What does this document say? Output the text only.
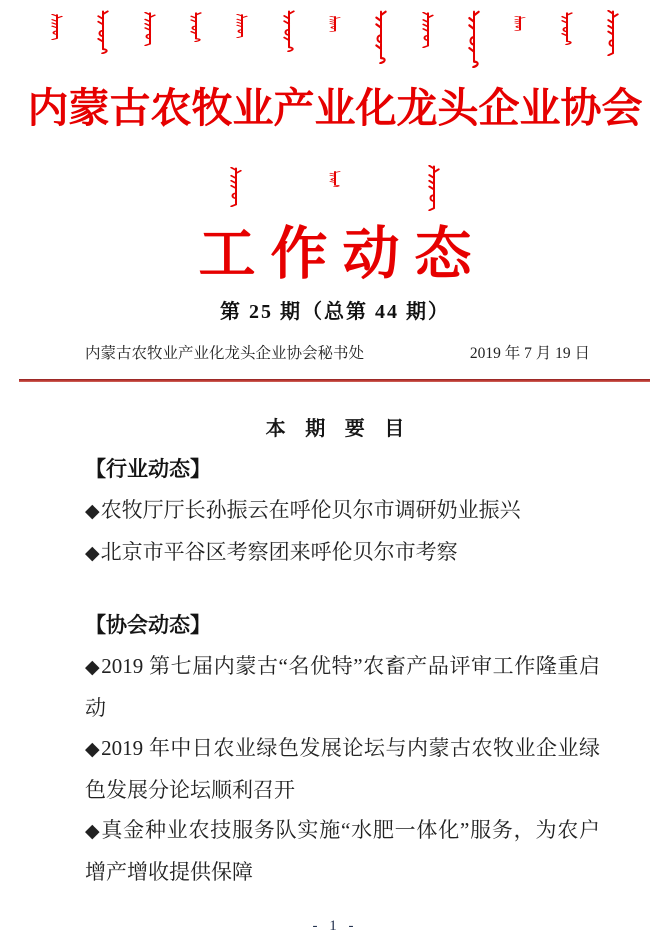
内蒙古农牧业产业化龙头企业协会
工作动态
第 25 期（总第 44 期）
内蒙古农牧业产业化龙头企业协会秘书处	2019 年 7 月 19 日
本 期 要 目
【行业动态】
◆农牧厅厅长孙振云在呼伦贝尔市调研奶业振兴
◆北京市平谷区考察团来呼伦贝尔市考察
【协会动态】
◆2019 第七届内蒙古“名优特”农畜产品评审工作隆重启动
◆2019 年中日农业绿色发展论坛与内蒙古农牧业企业绿色发展分论坛顺利召开
◆真金种业农技服务队实施“水肥一体化”服务，为农户增产增收提供保障
- 1 -
